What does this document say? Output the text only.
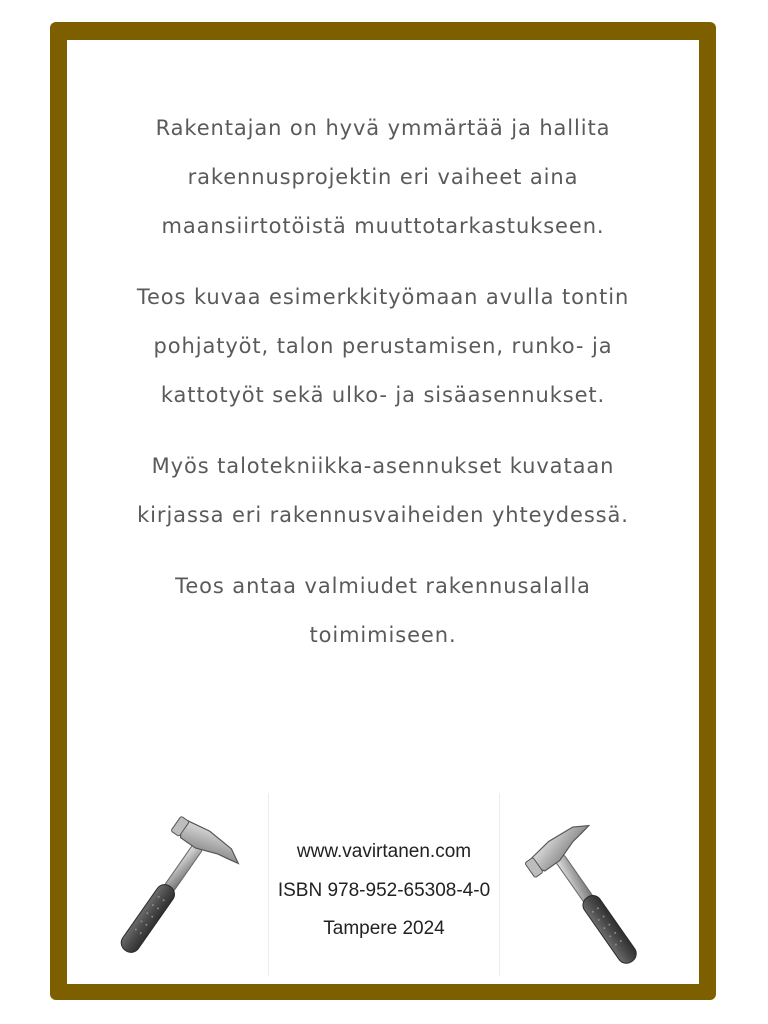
Rakentajan on hyvä ymmärtää ja hallita
rakennusprojektin eri vaiheet aina
maansiirtotöistä muuttotarkastukseen.

Teos kuvaa esimerkkityömaan avulla tontin
pohjatyöt, talon perustamisen, runko- ja
kattotyöt sekä ulko- ja sisäasennukset.

Myös talotekniikka-asennukset kuvataan
kirjassa eri rakennusvaiheiden yhteydessä.

Teos antaa valmiudet rakennusalalla
toimimiseen.

www.vavirtanen.com
ISBN 978-952-65308-4-0
Tampere 2024
